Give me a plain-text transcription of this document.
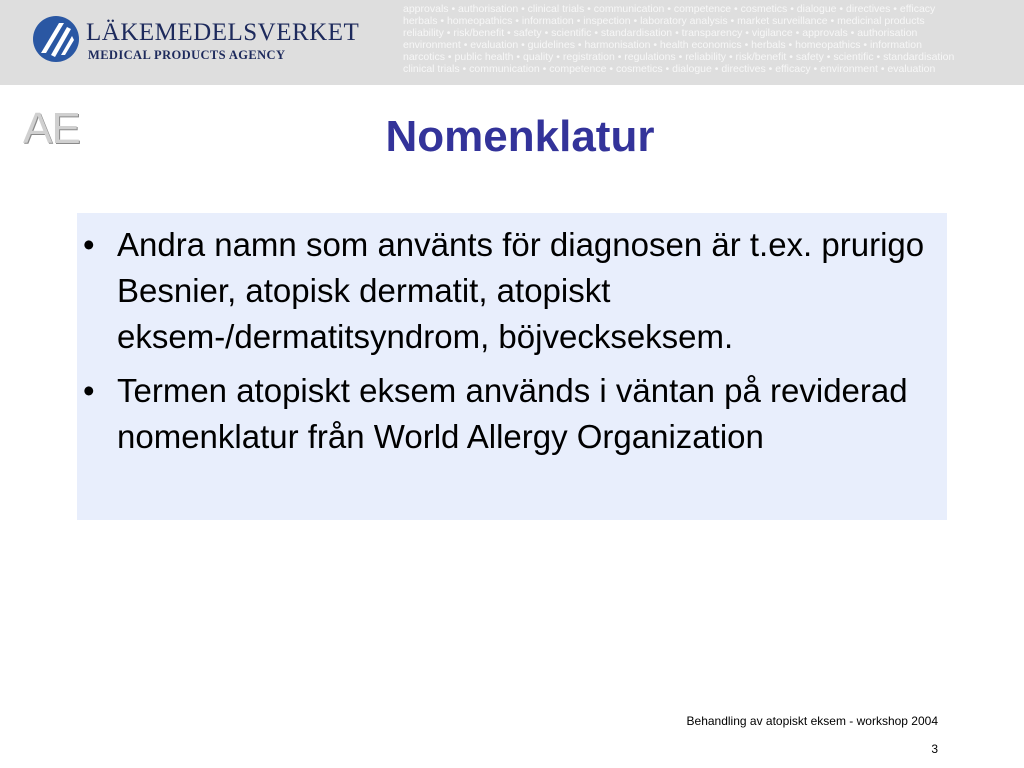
LÄKEMEDELSVERKET
MEDICAL PRODUCTS AGENCY
approvals • authorisation • clinical trials • communication • competence • cosmetics • dialogue • directives • efficacy
herbals • homeopathics • information • inspection • laboratory analysis • market surveillance • medicinal products
reliability • risk/benefit • safety • scientific • standardisation • transparency • vigilance • approvals • authorisation
environment • evaluation • guidelines • harmonisation • health economics • herbals • homeopathics • information
narcotics • public health • quality • registration • regulations • reliability • risk/benefit • safety • scientific • standardisation
clinical trials • communication • competence • cosmetics • dialogue • directives • efficacy • environment • evaluation
AE	Nomenklatur
• Andra namn som använts för diagnosen är t.ex. prurigo Besnier, atopisk dermatit, atopiskt eksem-/dermatitsyndrom, böjveckseksem.
• Termen atopiskt eksem används i väntan på reviderad nomenklatur från World Allergy Organization
Behandling av atopiskt eksem - workshop 2004
3
